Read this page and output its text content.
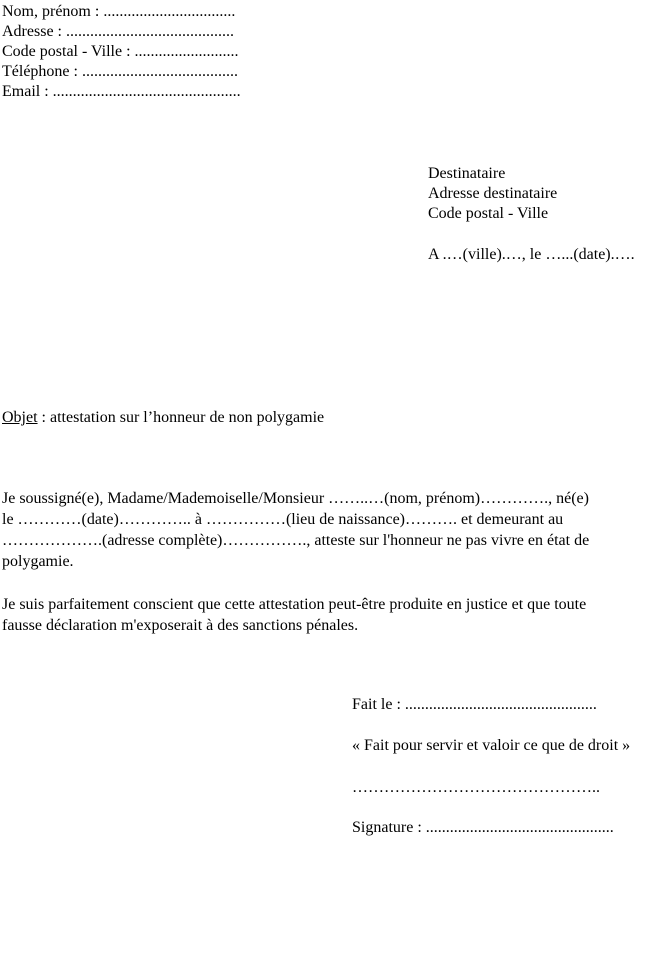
Nom, prénom : .................................

Adresse : ..........................................

Code postal - Ville : ..........................

Téléphone : .......................................

Email : ...............................................

Destinataire

Adresse destinataire

Code postal - Ville

A .…(ville).…, le …...(date).….

Objet : attestation sur l’honneur de non polygamie

Je soussigné(e), Madame/Mademoiselle/Monsieur ……..…(nom, prénom)…………., né(e)
le …………(date)………….. à ……………(lieu de naissance)………. et demeurant au
……………….(adresse complète)……………., atteste sur l'honneur ne pas vivre en état de
polygamie.
Je suis parfaitement conscient que cette attestation peut-être produite en justice et que toute
fausse déclaration m'exposerait à des sanctions pénales.

Fait le : ................................................

« Fait pour servir et valoir ce que de droit »

………………………………………..

Signature : ...............................................
